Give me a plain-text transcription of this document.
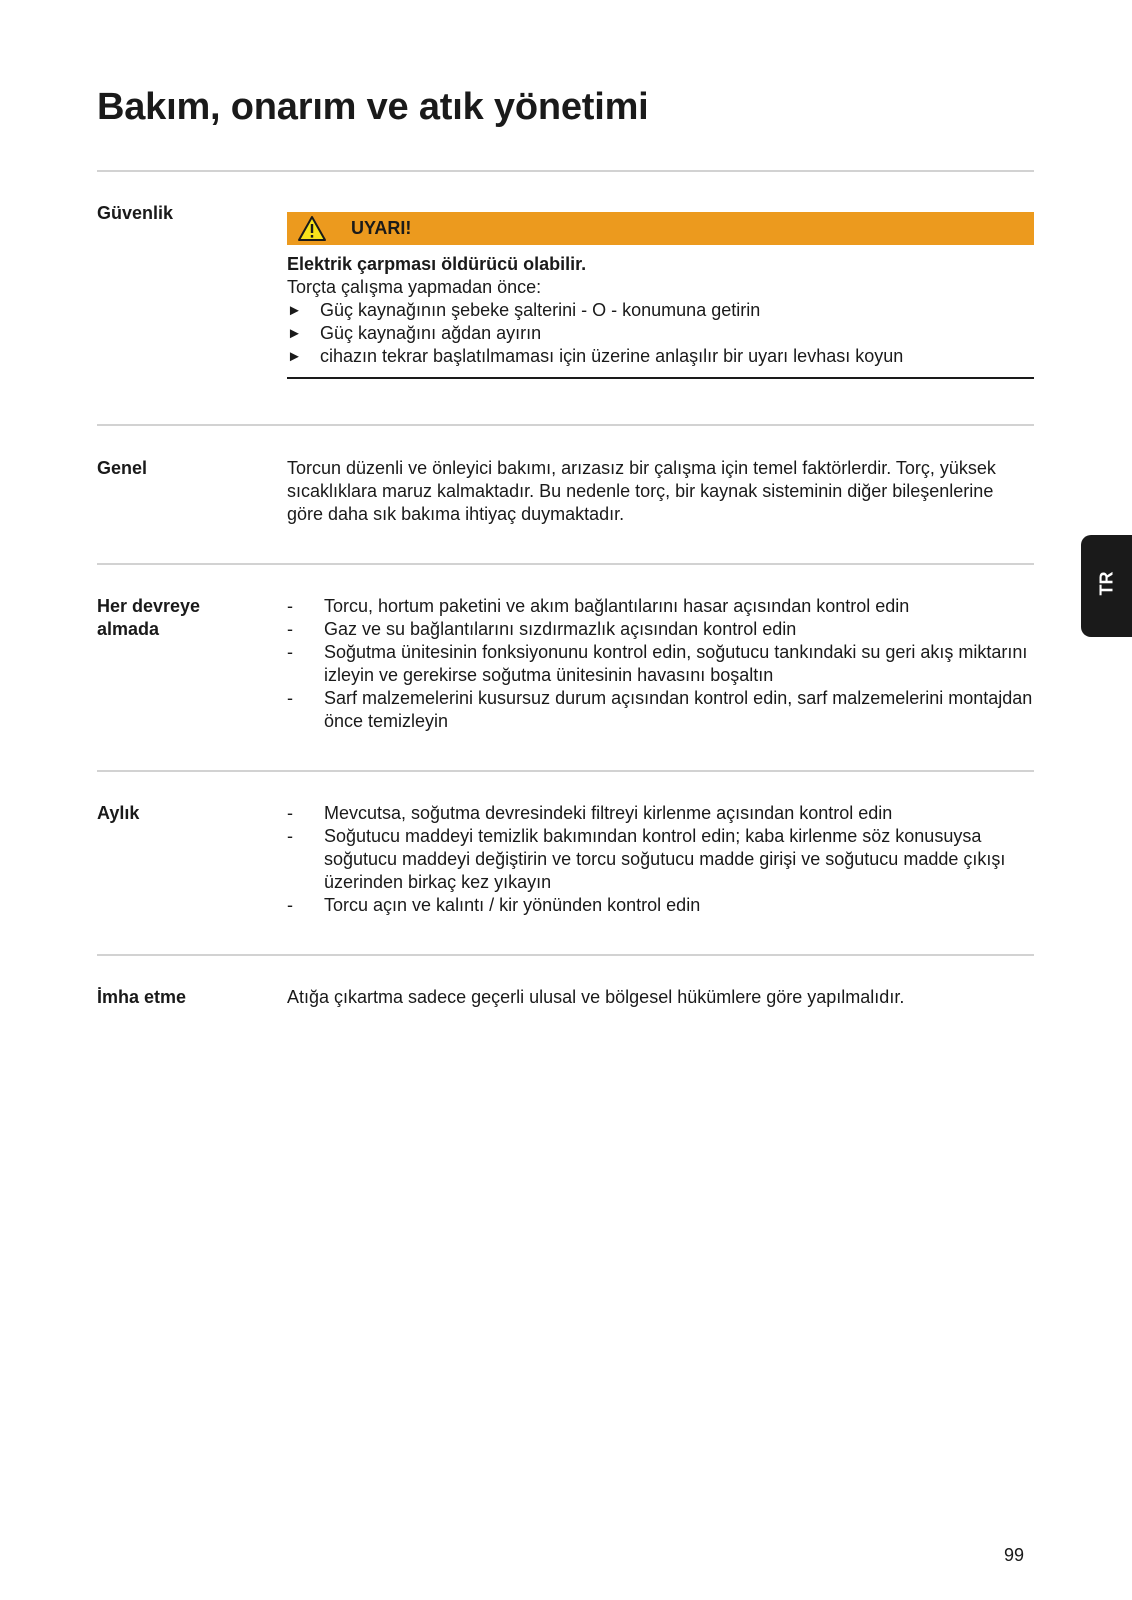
Bakım, onarım ve atık yönetimi
Güvenlik
UYARI!
Elektrik çarpması öldürücü olabilir.
Torçta çalışma yapmadan önce:
►	Güç kaynağının şebeke şalterini - O - konumuna getirin
►	Güç kaynağını ağdan ayırın
►	cihazın tekrar başlatılmaması için üzerine anlaşılır bir uyarı levhası koyun
Genel	Torcun düzenli ve önleyici bakımı, arızasız bir çalışma için temel faktörlerdir. Torç, yüksek sıcaklıklara maruz kalmaktadır. Bu nedenle torç, bir kaynak sisteminin diğer bileşenlerine göre daha sık bakıma ihtiyaç duymaktadır.
Her devreye almada
-	Torcu, hortum paketini ve akım bağlantılarını hasar açısından kontrol edin
-	Gaz ve su bağlantılarını sızdırmazlık açısından kontrol edin
-	Soğutma ünitesinin fonksiyonunu kontrol edin, soğutucu tankındaki su geri akış miktarını izleyin ve gerekirse soğutma ünitesinin havasını boşaltın
-	Sarf malzemelerini kusursuz durum açısından kontrol edin, sarf malzemelerini montajdan önce temizleyin
Aylık	-	Mevcutsa, soğutma devresindeki filtreyi kirlenme açısından kontrol edin
-	Soğutucu maddeyi temizlik bakımından kontrol edin; kaba kirlenme söz konusuysa soğutucu maddeyi değiştirin ve torcu soğutucu madde girişi ve soğutucu madde çıkışı üzerinden birkaç kez yıkayın
-	Torcu açın ve kalıntı / kir yönünden kontrol edin
İmha etme	Atığa çıkartma sadece geçerli ulusal ve bölgesel hükümlere göre yapılmalıdır.
TR
99
